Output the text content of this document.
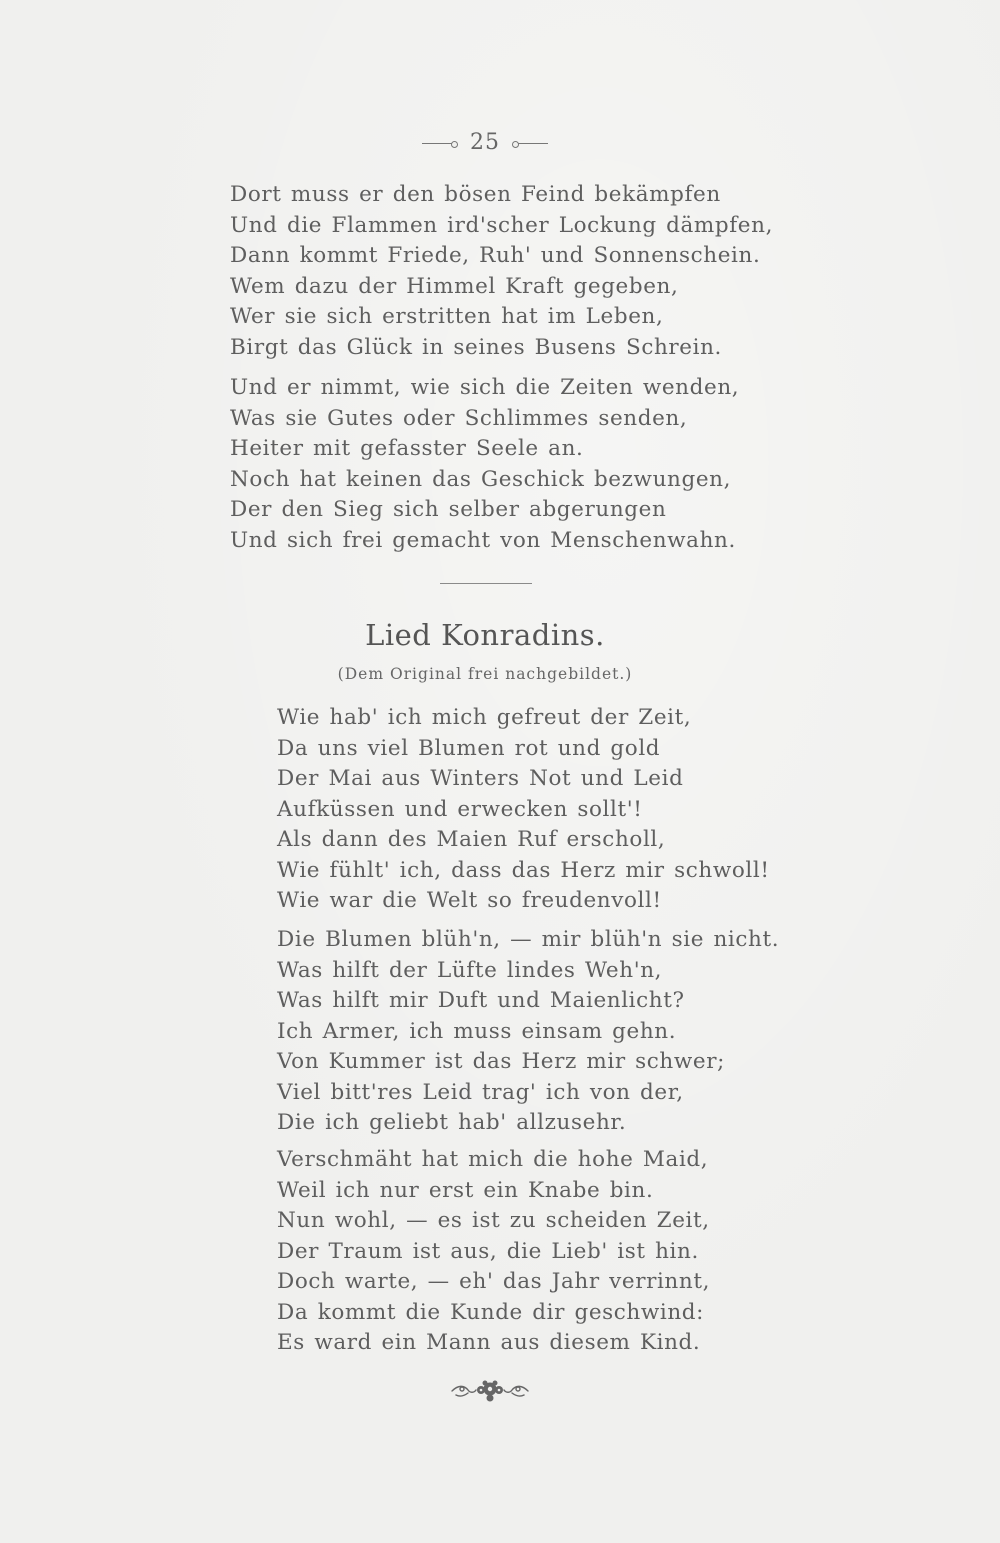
25
Dort muss er den bösen Feind bekämpfen
Und die Flammen ird'scher Lockung dämpfen,
Dann kommt Friede, Ruh' und Sonnenschein.
Wem dazu der Himmel Kraft gegeben,
Wer sie sich erstritten hat im Leben,
Birgt das Glück in seines Busens Schrein.
Und er nimmt, wie sich die Zeiten wenden,
Was sie Gutes oder Schlimmes senden,
Heiter mit gefasster Seele an.
Noch hat keinen das Geschick bezwungen,
Der den Sieg sich selber abgerungen
Und sich frei gemacht von Menschenwahn.
Lied Konradins.
(Dem Original frei nachgebildet.)
Wie hab' ich mich gefreut der Zeit,
Da uns viel Blumen rot und gold
Der Mai aus Winters Not und Leid
Aufküssen und erwecken sollt'!
Als dann des Maien Ruf erscholl,
Wie fühlt' ich, dass das Herz mir schwoll!
Wie war die Welt so freudenvoll!
Die Blumen blüh'n, — mir blüh'n sie nicht.
Was hilft der Lüfte lindes Weh'n,
Was hilft mir Duft und Maienlicht?
Ich Armer, ich muss einsam gehn.
Von Kummer ist das Herz mir schwer;
Viel bitt'res Leid trag' ich von der,
Die ich geliebt hab' allzusehr.
Verschmäht hat mich die hohe Maid,
Weil ich nur erst ein Knabe bin.
Nun wohl, — es ist zu scheiden Zeit,
Der Traum ist aus, die Lieb' ist hin.
Doch warte, — eh' das Jahr verrinnt,
Da kommt die Kunde dir geschwind:
Es ward ein Mann aus diesem Kind.
